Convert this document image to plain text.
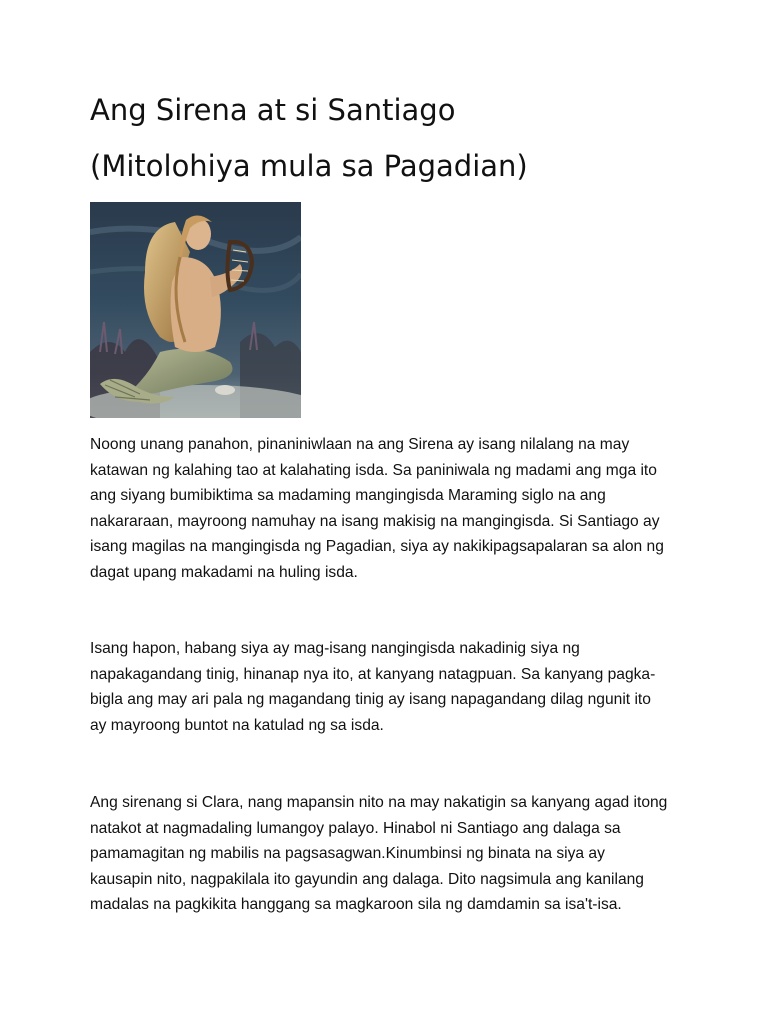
Ang Sirena at si Santiago
(Mitolohiya mula sa Pagadian)

Noong unang panahon, pinaniniwlaan na ang Sirena ay isang nilalang na may
katawan ng kalahing tao at kalahating isda. Sa paniniwala ng madami ang mga ito
ang siyang bumibiktima sa madaming mangingisda Maraming siglo na ang
nakararaan, mayroong namuhay na isang makisig na mangingisda. Si Santiago ay
isang magilas na mangingisda ng Pagadian, siya ay nakikipagsapalaran sa alon ng
dagat upang makadami na huling isda.

Isang hapon, habang siya ay mag-isang nangingisda nakadinig siya ng
napakagandang tinig, hinanap nya ito, at kanyang natagpuan. Sa kanyang pagka-
bigla ang may ari pala ng magandang tinig ay isang napagandang dilag ngunit ito
ay mayroong buntot na katulad ng sa isda.

Ang sirenang si Clara, nang mapansin nito na may nakatigin sa kanyang agad itong
natakot at nagmadaling lumangoy palayo. Hinabol ni Santiago ang dalaga sa
pamamagitan ng mabilis na pagsasagwan.Kinumbinsi ng binata na siya ay
kausapin nito, nagpakilala ito gayundin ang dalaga. Dito nagsimula ang kanilang
madalas na pagkikita hanggang sa magkaroon sila ng damdamin sa isa't-isa.
